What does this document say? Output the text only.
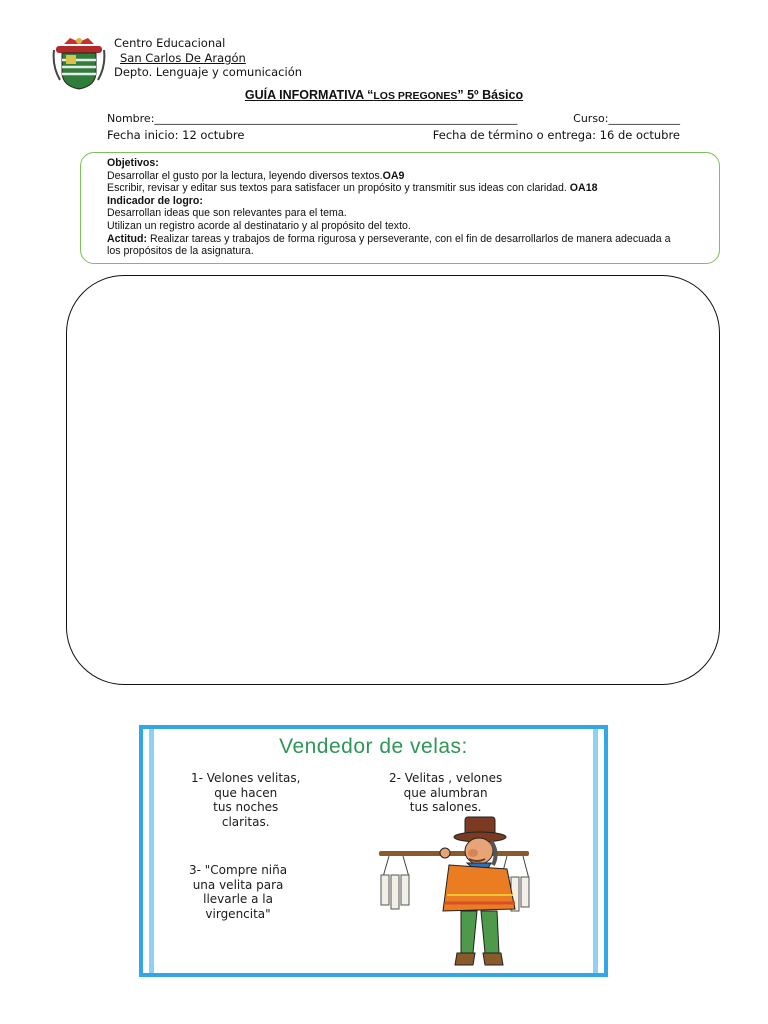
Centro Educacional
San Carlos De Aragón
Depto. Lenguaje y comunicación
GUÍA INFORMATIVA “LOS PREGONES” 5º Básico
Nombre:__________________________________________________________________	Curso:_____________
Fecha inicio: 12 octubre	Fecha de término o entrega: 16 de octubre
Objetivos:
Desarrollar el gusto por la lectura, leyendo diversos textos.OA9
Escribir, revisar y editar sus textos para satisfacer un propósito y transmitir sus ideas con claridad. OA18
Indicador de logro:
Desarrollan ideas que son relevantes para el tema.
Utilizan un registro acorde al destinatario y al propósito del texto.
Actitud: Realizar tareas y trabajos de forma rigurosa y perseverante, con el fin de desarrollarlos de manera adecuada a
los propósitos de la asignatura.
Vendedor de velas:
1- Velones velitas,
que hacen
tus noches
claritas.
2- Velitas , velones
que alumbran
tus salones.
3- "Compre niña
una velita para
llevarle a la
virgencita"
